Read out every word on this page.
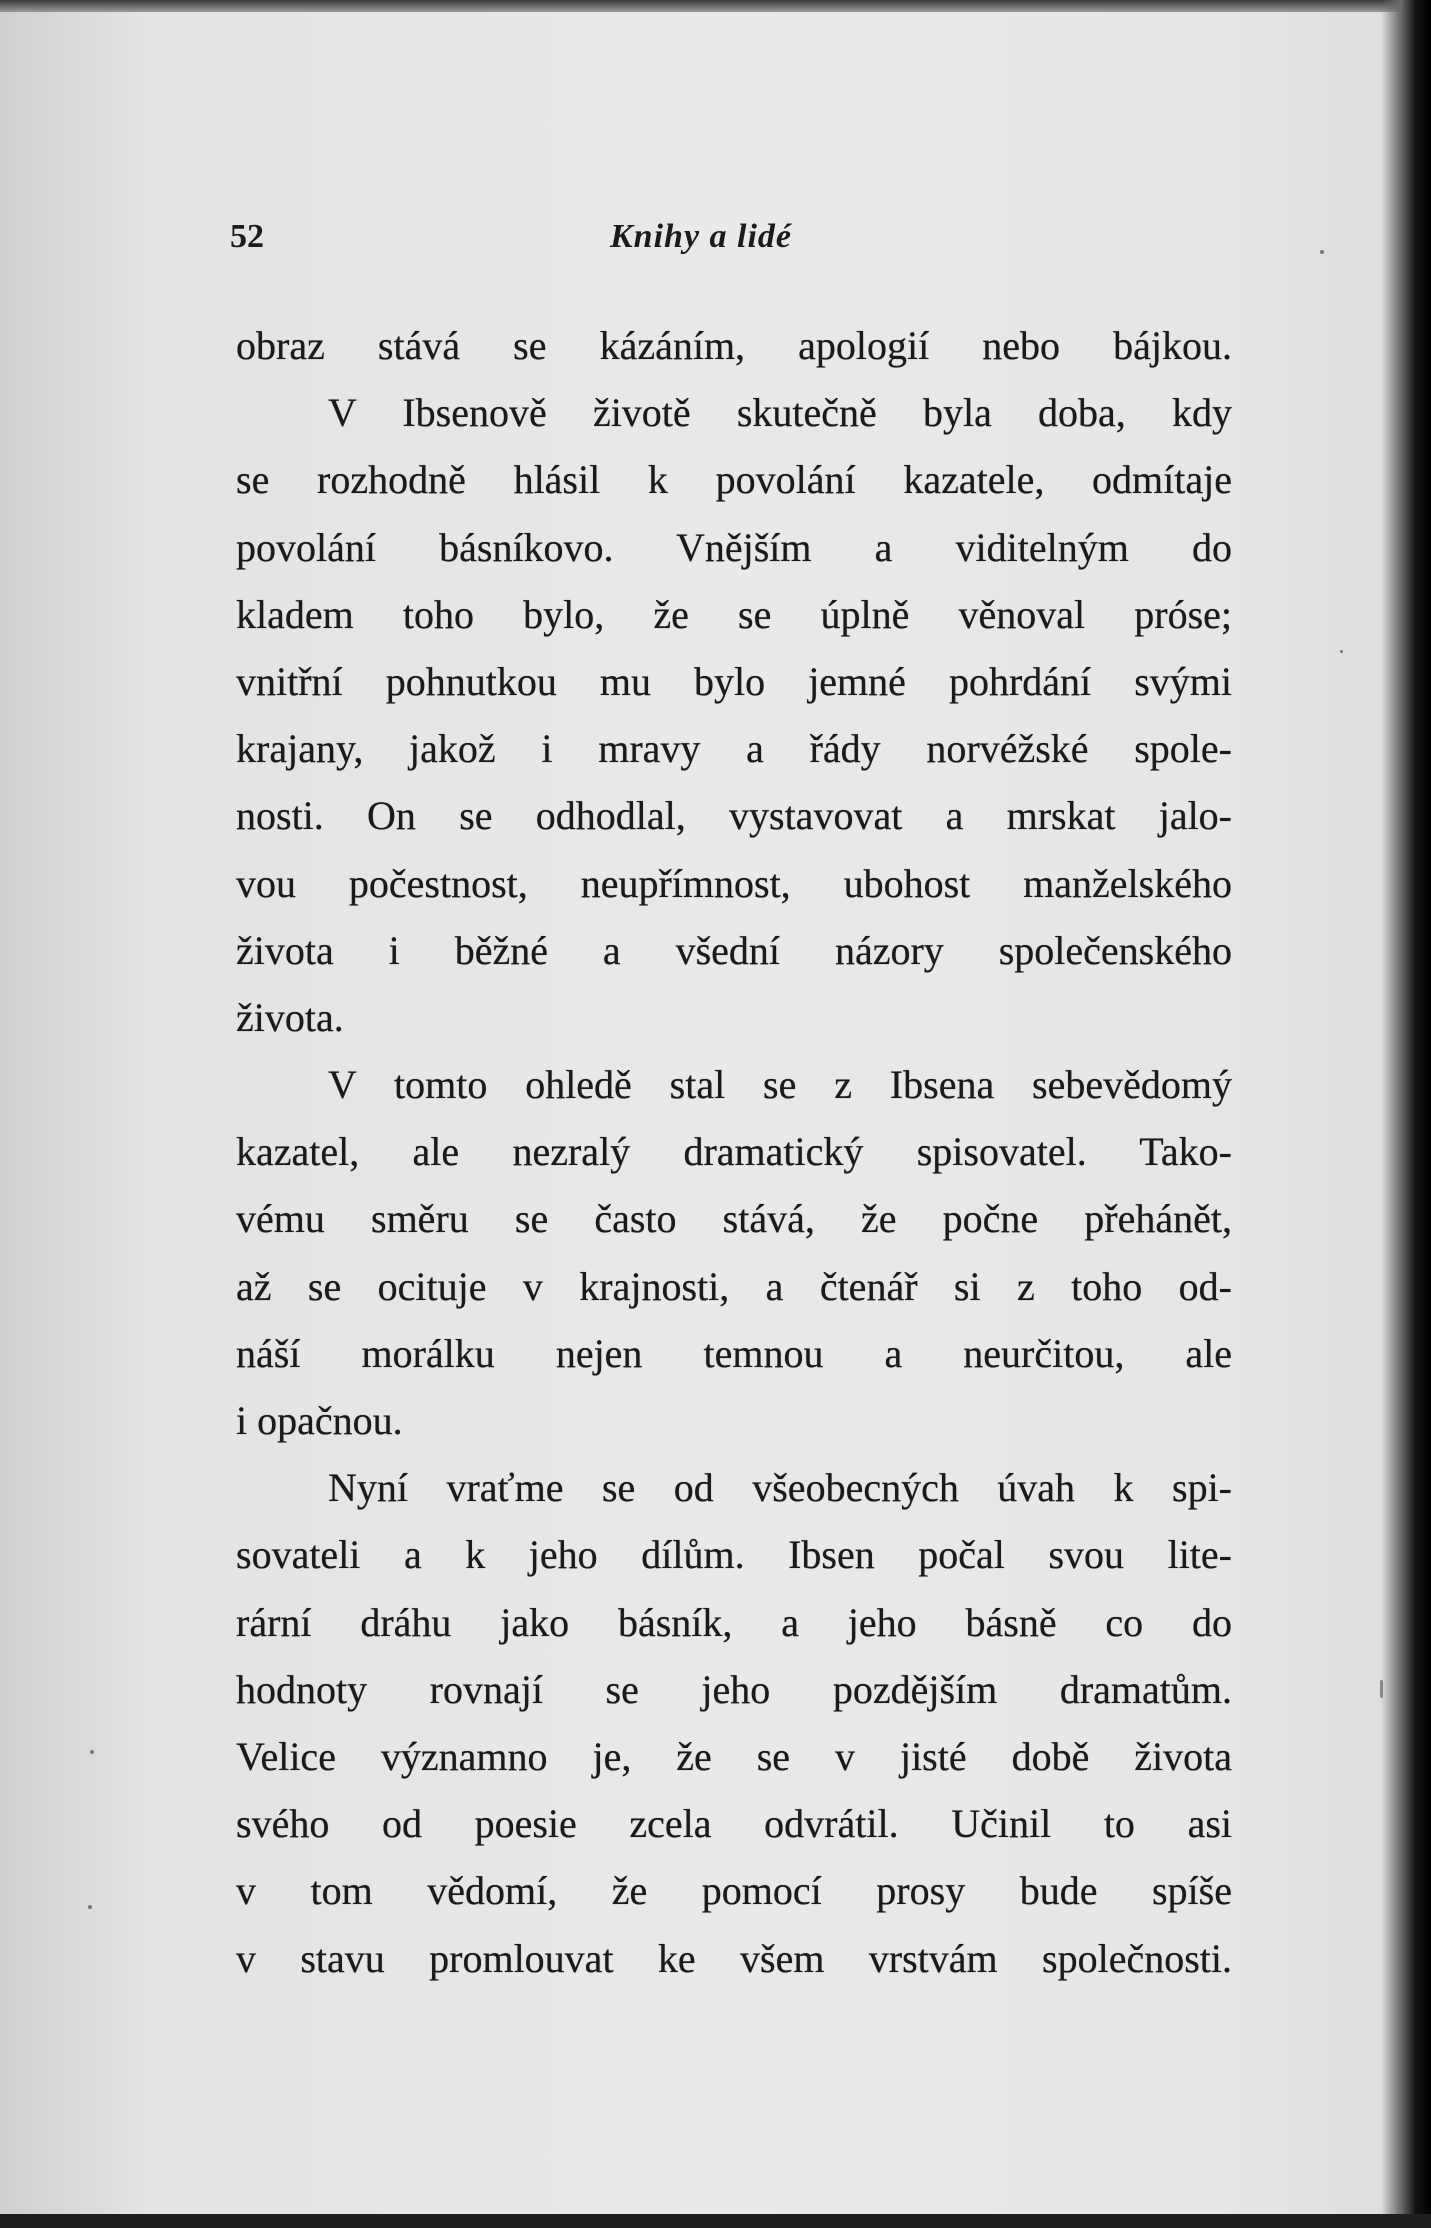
52	Knihy a lidé
obraz stává se kázáním, apologií nebo bájkou.
V Ibsenově životě skutečně byla doba, kdy
se rozhodně hlásil k povolání kazatele, odmítaje
povolání básníkovo. Vnějším a viditelným do
kladem toho bylo, že se úplně věnoval próse;
vnitřní pohnutkou mu bylo jemné pohrdání svými
krajany, jakož i mravy a řády norvéžské spole-
nosti. On se odhodlal, vystavovat a mrskat jalo-
vou počestnost, neupřímnost, ubohost manželského
života i běžné a všední názory společenského
života.
V tomto ohledě stal se z Ibsena sebevědomý
kazatel, ale nezralý dramatický spisovatel. Tako-
vému směru se často stává, že počne přehánět,
až se ocituje v krajnosti, a čtenář si z toho od-
náší morálku nejen temnou a neurčitou, ale
i opačnou.
Nyní vraťme se od všeobecných úvah k spi-
sovateli a k jeho dílům. Ibsen počal svou lite-
rární dráhu jako básník, a jeho básně co do
hodnoty rovnají se jeho pozdějším dramatům.
Velice významno je, že se v jisté době života
svého od poesie zcela odvrátil. Učinil to asi
v tom vědomí, že pomocí prosy bude spíše
v stavu promlouvat ke všem vrstvám společnosti.
